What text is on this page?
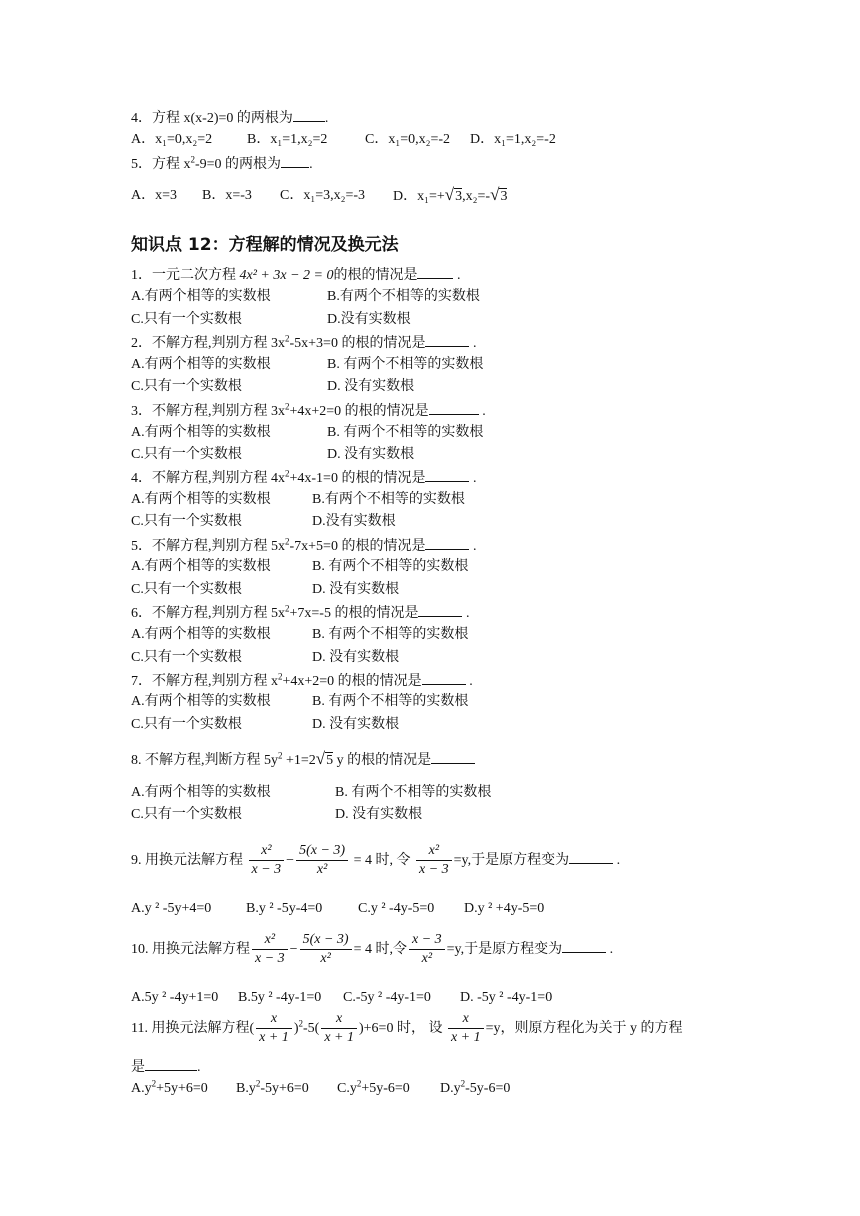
4．方程 x(x-2)=0 的两根为 .
A．x₁=0,x₂=2 B．x₁=1,x₂=2	C．x₁=0,x₂=-2 D．x₁=1,x₂=-2
5．方程 $x^2-9=0$ 的两根为 .
A．x=3 B．x=-3 C．x₁=3,x₂=-3 D．x₁=+√3,x₂=-√3
知识点 12：方程解的情况及换元法
1．一元二次方程 4x² + 3x − 2 = 0的根的情况是	.
A.有两个相等的实数根	B.有两个不相等的实数根
C.只有一个实数根	D.没有实数根
2．不解方程,判别方程 $3x^2-5x+3=0$ 的根的情况是	.
A.有两个相等的实数根	B. 有两个不相等的实数根
C.只有一个实数根	D. 没有实数根
3．不解方程,判别方程 $3x^2+4x+2=0$ 的根的情况是	.
A.有两个相等的实数根	B. 有两个不相等的实数根
C.只有一个实数根	D. 没有实数根
4．不解方程,判别方程 $4x^2+4x-1=0$ 的根的情况是	.
A.有两个相等的实数根	B.有两个不相等的实数根
C.只有一个实数根	D.没有实数根
5．不解方程,判别方程 $5x^2-7x+5=0$ 的根的情况是	.
A.有两个相等的实数根	B. 有两个不相等的实数根
C.只有一个实数根	D. 没有实数根
6．不解方程,判别方程 $5x^2+7x=-5$ 的根的情况是	.
A.有两个相等的实数根	B. 有两个不相等的实数根
C.只有一个实数根	D. 没有实数根
7．不解方程,判别方程 $x^2+4x+2=0$ 的根的情况是	.
A.有两个相等的实数根	B. 有两个不相等的实数根
C.只有一个实数根	D. 没有实数根
8. 不解方程,判断方程 $5y^2 +1=2√5$ y 的根的情况是
A.有两个相等的实数根	B. 有两个不相等的实数根
C.只有一个实数根	D. 没有实数根
9. 用换元法解方程 $\frac{\text{x²}}{x - 3} - \frac{5(x - 3)}{\text{x²}} = 4$ 时, 令 $\frac{\text{x²}}{x - 3} =y$,于是原方程变为	.
A.y ² -5y+4=0 B.y ² -5y-4=0	C.y ² -4y-5=0 D.y ² +4y-5=0
10. 用换元法解方程 $\frac{\text{x²}}{x - 3} - \frac{5(x - 3)}{\text{x²}} = 4$ 时,令 $\frac{x - 3}{\text{x²}} =y$,于是原方程变为	.
A.5y ² -4y+1=0 B.5y ² -4y-1=0 C.-5y ² -4y-1=0 D. -5y ² -4y-1=0
11. 用换元法解方程( $\frac{x}{x + 1} )^2-5( \frac{x}{x + 1} )+6=0$ 时， 设 $\frac{x}{x + 1} =y$，则原方程化为关于 y 的方程
是	.
$A.y^2+5y+6=0$ $B.y^2-5y+6=0$ $C.y^2+5y-6=0$ $D.y^2-5y-6=0$
